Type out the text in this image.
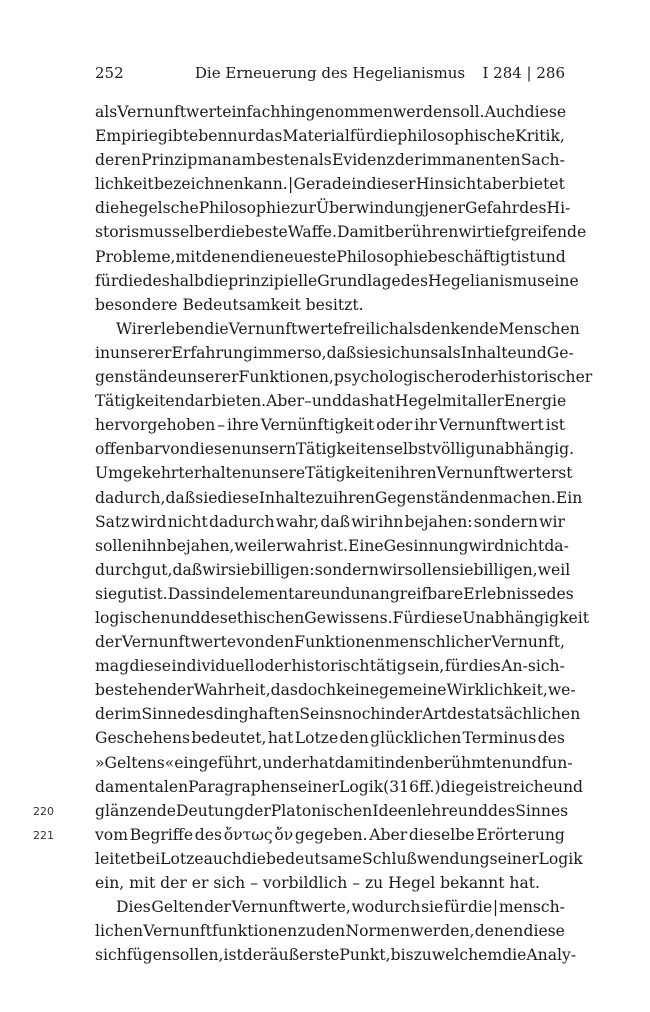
252	Die Erneuerung des Hegelianismus	I 284 | 286
als Vernunftwert einfach hingenommen werden soll. Auch diese
Empirie gibt eben nur das Material für die philosophische Kritik,
deren Prinzip man am besten als Evidenz der immanenten Sach-
lichkeit bezeichnen kann. | Gerade in dieser Hinsicht aber bietet
die hegelsche Philosophie zur Überwindung jener Gefahr des Hi-
storismus selber die beste Waffe. Damit berühren wir tiefgreifende
Probleme, mit denen die neueste Philosophie beschäftigt ist und
für die deshalb die prinzipielle Grundlage des Hegelianismus eine
besondere Bedeutsamkeit besitzt.
Wir erleben die Vernunftwerte freilich als denkende Menschen
in unserer Erfahrung immer so, daß sie sich uns als Inhalte und Ge-
genstände unserer Funktionen, psychologischer oder historischer
Tätigkeiten darbieten. Aber – und das hat Hegel mit aller Energie
hervorgehoben – ihre Vernünftigkeit oder ihr Vernunftwert ist
offenbar von diesen unsern Tätigkeiten selbst völlig unabhängig.
Umgekehrt erhalten unsere Tätigkeiten ihren Vernunftwert erst
dadurch, daß sie diese Inhalte zu ihren Gegenständen machen. Ein
Satz wird nicht dadurch wahr, daß wir ihn bejahen: sondern wir
sollen ihn bejahen, weil er wahr ist. Eine Gesinnung wird nicht da-
durch gut, daß wir sie billigen: sondern wir sollen sie billigen, weil
sie gut ist. Das sind elementare und unangreifbare Erlebnisse des
logischen und des ethischen Gewissens. Für diese Unabhängigkeit
der Vernunftwerte von den Funktionen menschlicher Vernunft,
mag diese individuell oder historisch tätig sein, für dies An-sich-
bestehen der Wahrheit, das doch keine gemeine Wirklichkeit, we-
der im Sinne des dinghaften Seins noch in der Art des tatsächlichen
Geschehens bedeutet, hat Lotze den glücklichen Terminus des
»Geltens« eingeführt, und er hat damit in den berühmten und fun-
damentalen Paragraphen seiner Logik (316 ff.) die geistreiche und
glänzende Deutung der Platonischen Ideenlehre und des Sinnes
vom Begriffe des ὄντως ὄν gegeben. Aber dieselbe Erörterung
leitet bei Lotze auch die bedeutsame Schlußwendung seiner Logik
ein, mit der er sich – vorbildlich – zu Hegel bekannt hat.
Dies Gelten der Vernunftwerte, wodurch sie für die | mensch-
lichen Vernunftfunktionen zu den Normen werden, denen diese
sich fügen sollen, ist der äußerste Punkt, bis zu welchem die Analy-
220
221
